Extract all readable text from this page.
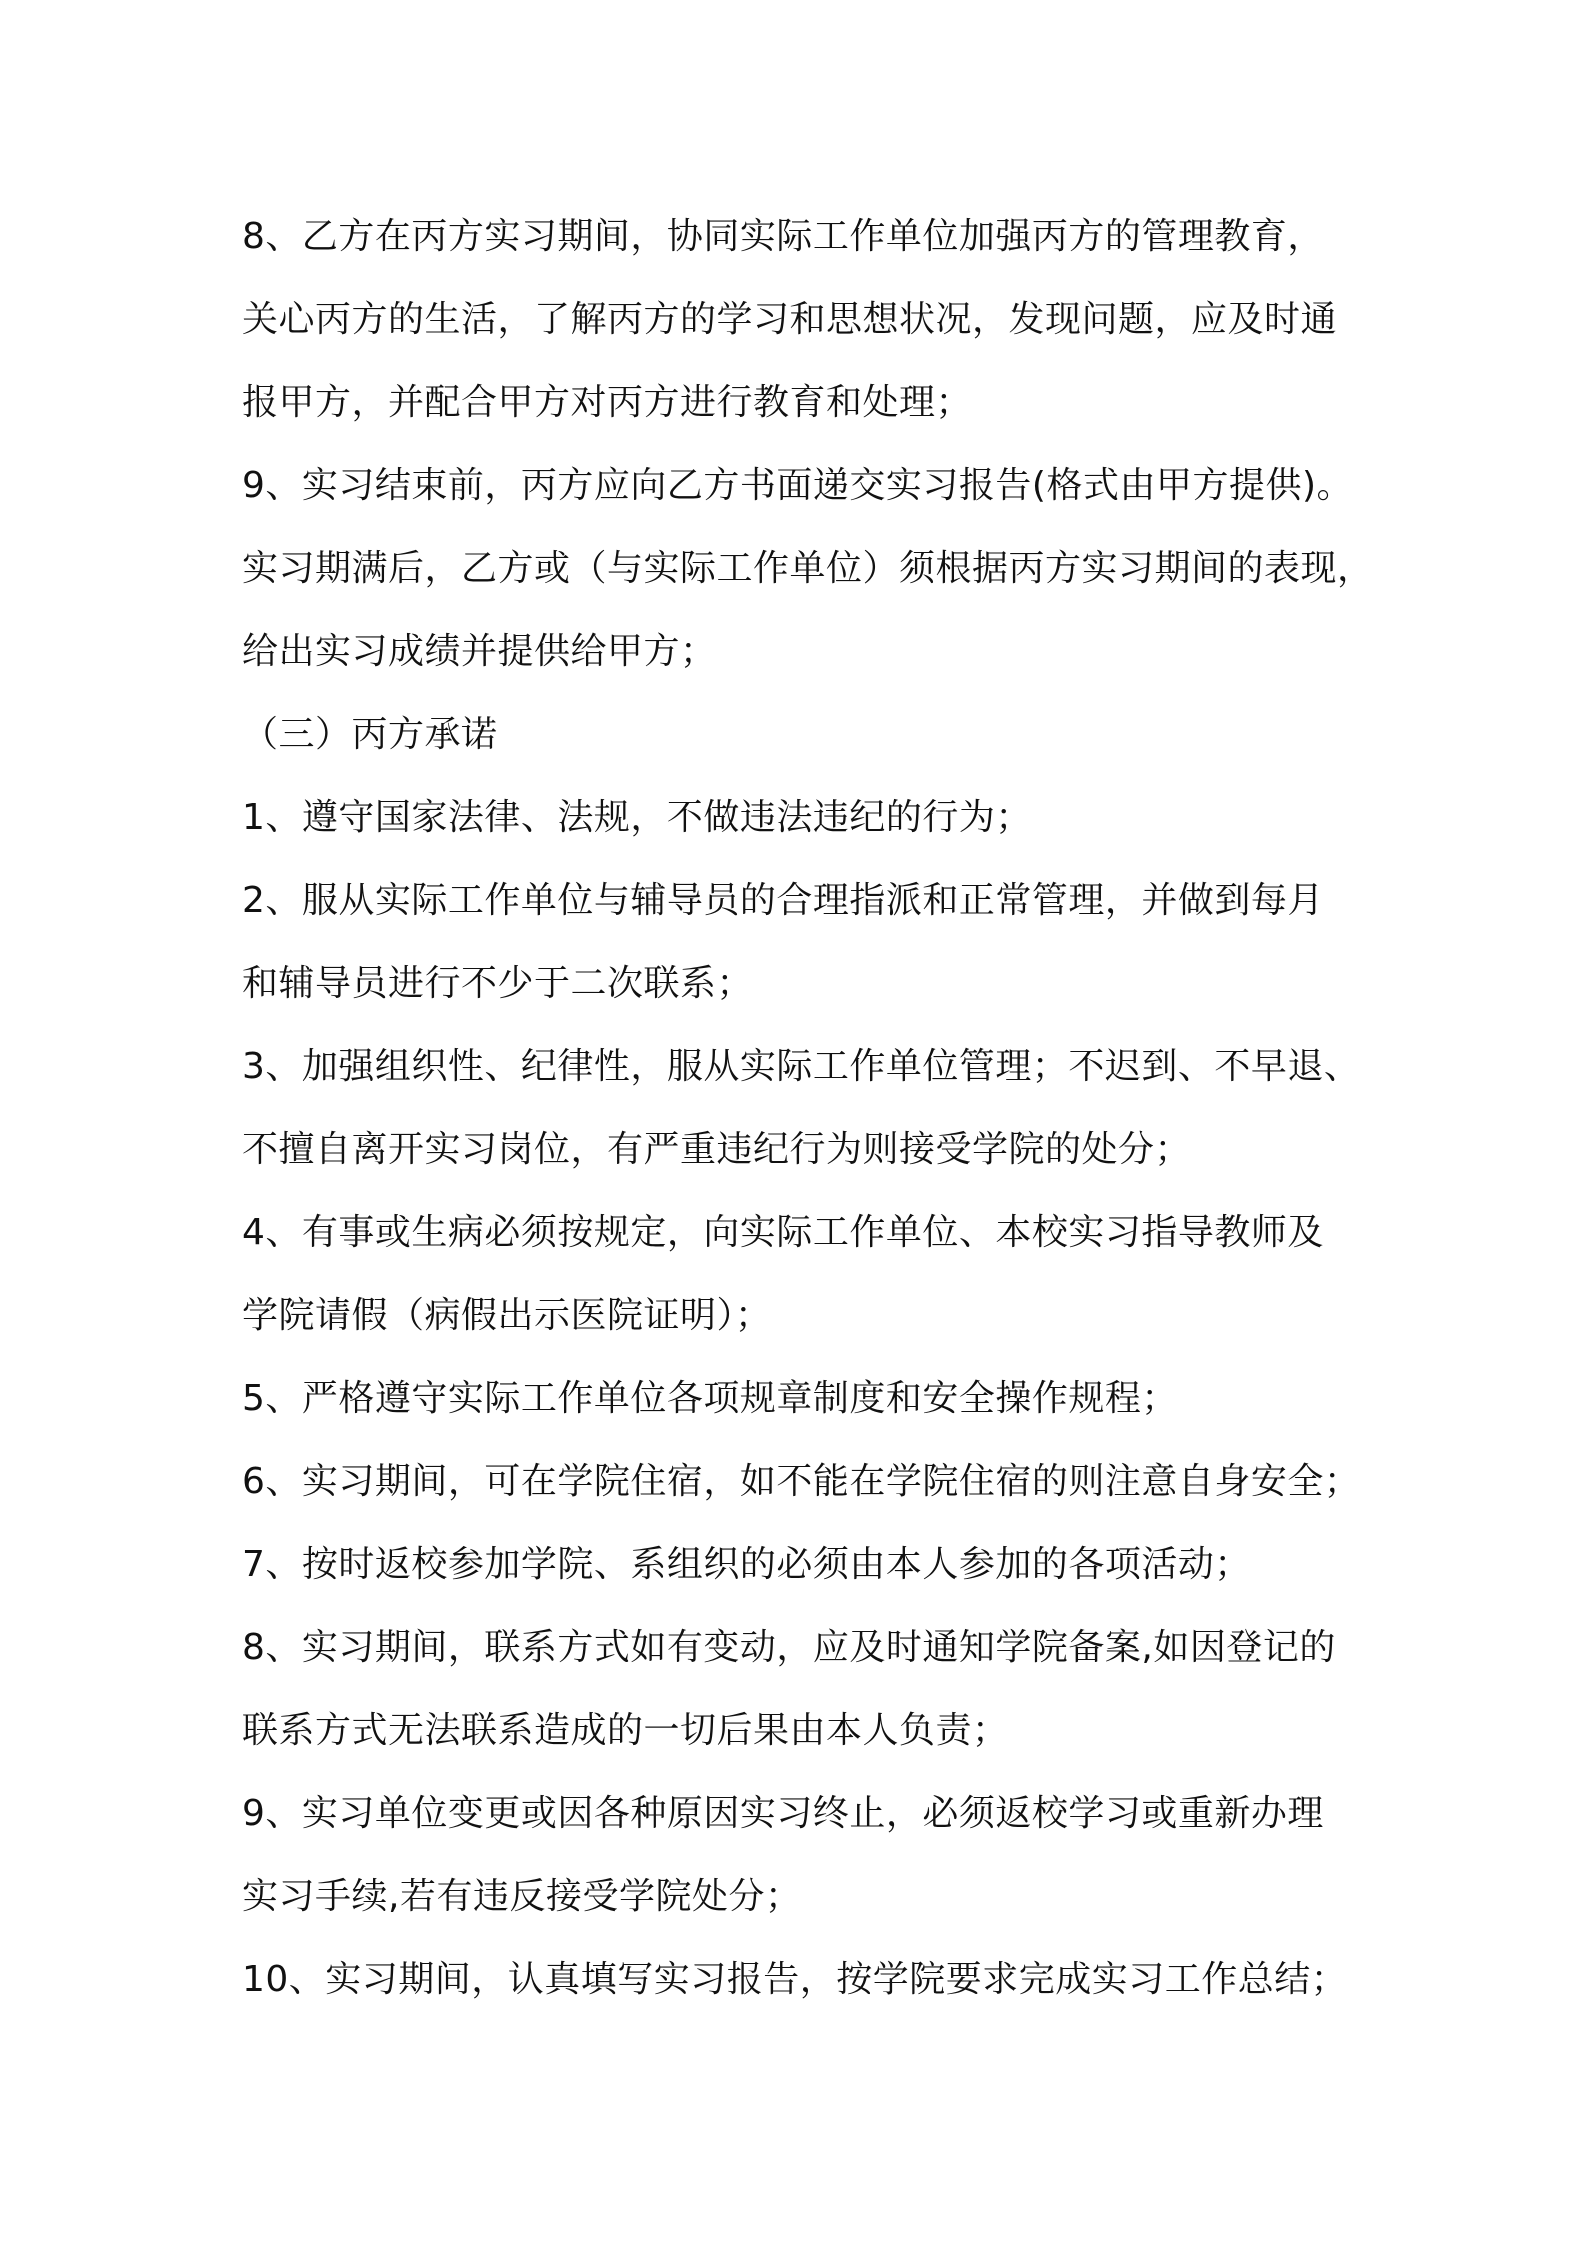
8、乙方在丙方实习期间，协同实际工作单位加强丙方的管理教育，
关心丙方的生活，了解丙方的学习和思想状况，发现问题，应及时通
报甲方，并配合甲方对丙方进行教育和处理；
9、实习结束前，丙方应向乙方书面递交实习报告(格式由甲方提供)。
实习期满后，乙方或（与实际工作单位）须根据丙方实习期间的表现，
给出实习成绩并提供给甲方；
（三）丙方承诺
1、遵守国家法律、法规，不做违法违纪的行为；
2、服从实际工作单位与辅导员的合理指派和正常管理，并做到每月
和辅导员进行不少于二次联系；
3、加强组织性、纪律性，服从实际工作单位管理；不迟到、不早退、
不擅自离开实习岗位，有严重违纪行为则接受学院的处分；
4、有事或生病必须按规定，向实际工作单位、本校实习指导教师及
学院请假（病假出示医院证明）；
5、严格遵守实际工作单位各项规章制度和安全操作规程；
6、实习期间，可在学院住宿，如不能在学院住宿的则注意自身安全；
7、按时返校参加学院、系组织的必须由本人参加的各项活动；
8、实习期间，联系方式如有变动，应及时通知学院备案,如因登记的
联系方式无法联系造成的一切后果由本人负责；
9、实习单位变更或因各种原因实习终止，必须返校学习或重新办理
实习手续,若有违反接受学院处分；
10、实习期间，认真填写实习报告，按学院要求完成实习工作总结；
